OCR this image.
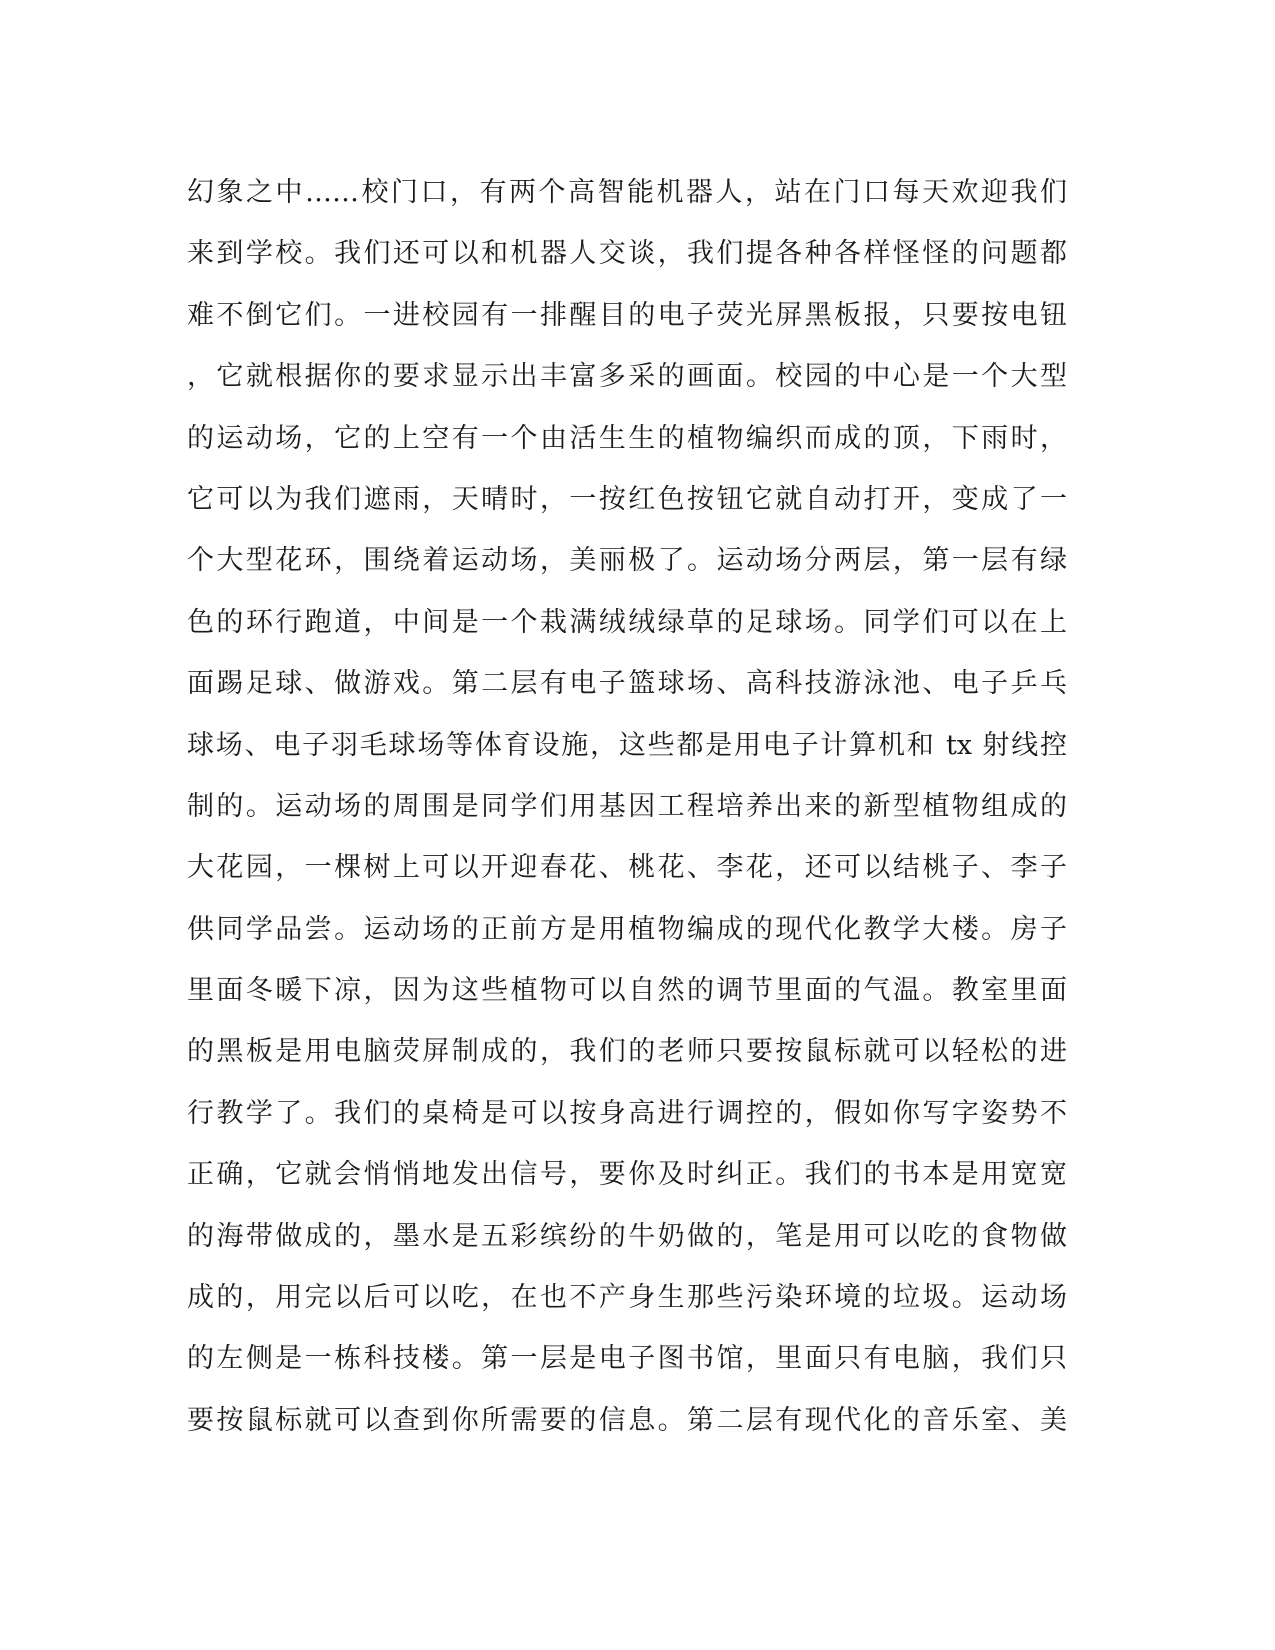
幻象之中……校门口，有两个高智能机器人，站在门口每天欢迎我们
来到学校。我们还可以和机器人交谈，我们提各种各样怪怪的问题都
难不倒它们。一进校园有一排醒目的电子荧光屏黑板报，只要按电钮
，它就根据你的要求显示出丰富多采的画面。校园的中心是一个大型
的运动场，它的上空有一个由活生生的植物编织而成的顶，下雨时，
它可以为我们遮雨，天晴时，一按红色按钮它就自动打开，变成了一
个大型花环，围绕着运动场，美丽极了。运动场分两层，第一层有绿
色的环行跑道，中间是一个栽满绒绒绿草的足球场。同学们可以在上
面踢足球、做游戏。第二层有电子篮球场、高科技游泳池、电子乒乓
球场、电子羽毛球场等体育设施，这些都是用电子计算机和 tx 射线控
制的。运动场的周围是同学们用基因工程培养出来的新型植物组成的
大花园，一棵树上可以开迎春花、桃花、李花，还可以结桃子、李子
供同学品尝。运动场的正前方是用植物编成的现代化教学大楼。房子
里面冬暖下凉，因为这些植物可以自然的调节里面的气温。教室里面
的黑板是用电脑荧屏制成的，我们的老师只要按鼠标就可以轻松的进
行教学了。我们的桌椅是可以按身高进行调控的，假如你写字姿势不
正确，它就会悄悄地发出信号，要你及时纠正。我们的书本是用宽宽
的海带做成的，墨水是五彩缤纷的牛奶做的，笔是用可以吃的食物做
成的，用完以后可以吃，在也不产身生那些污染环境的垃圾。运动场
的左侧是一栋科技楼。第一层是电子图书馆，里面只有电脑，我们只
要按鼠标就可以查到你所需要的信息。第二层有现代化的音乐室、美
